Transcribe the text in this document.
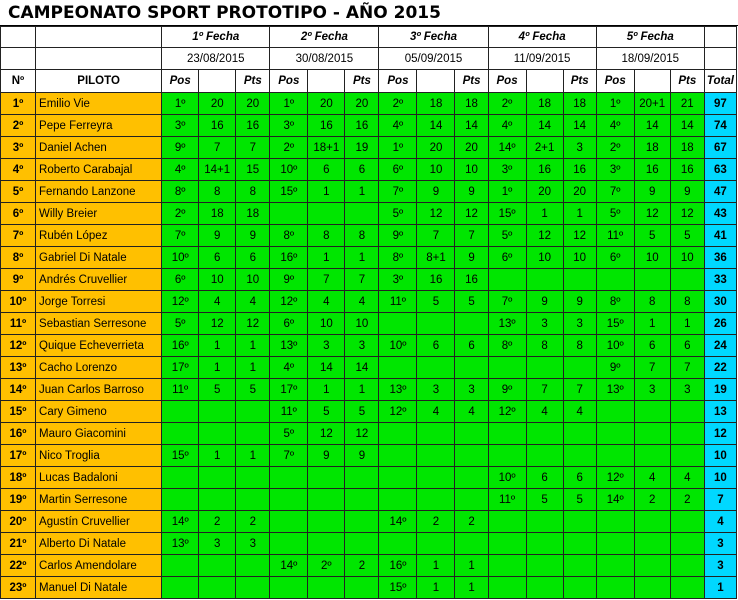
CAMPEONATO SPORT PROTOTIPO - AÑO 2015
		1º Fecha			2º Fecha			3º Fecha			4º Fecha			5º Fecha			
		23/08/2015			30/08/2015			05/09/2015			11/09/2015			18/09/2015			
Nº	PILOTO	Pos		Pts	Pos		Pts	Pos		Pts	Pos		Pts	Pos		Pts	Total
1º	Emilio Vie	1º	20	20	1º	20	20	2º	18	18	2º	18	18	1º	20+1	21	97
2º	Pepe Ferreyra	3º	16	16	3º	16	16	4º	14	14	4º	14	14	4º	14	14	74
3º	Daniel Achen	9º	7	7	2º	18+1	19	1º	20	20	14º	2+1	3	2º	18	18	67
4º	Roberto Carabajal	4º	14+1	15	10º	6	6	6º	10	10	3º	16	16	3º	16	16	63
5º	Fernando Lanzone	8º	8	8	15º	1	1	7º	9	9	1º	20	20	7º	9	9	47
6º	Willy Breier	2º	18	18				5º	12	12	15º	1	1	5º	12	12	43
7º	Rubén López	7º	9	9	8º	8	8	9º	7	7	5º	12	12	11º	5	5	41
8º	Gabriel Di Natale	10º	6	6	16º	1	1	8º	8+1	9	6º	10	10	6º	10	10	36
9º	Andrés Cruvellier	6º	10	10	9º	7	7	3º	16	16							33
10º	Jorge Torresi	12º	4	4	12º	4	4	11º	5	5	7º	9	9	8º	8	8	30
11º	Sebastian Serresone	5º	12	12	6º	10	10				13º	3	3	15º	1	1	26
12º	Quique Echeverrieta	16º	1	1	13º	3	3	10º	6	6	8º	8	8	10º	6	6	24
13º	Cacho Lorenzo	17º	1	1	4º	14	14							9º	7	7	22
14º	Juan Carlos Barroso	11º	5	5	17º	1	1	13º	3	3	9º	7	7	13º	3	3	19
15º	Cary Gimeno				11º	5	5	12º	4	4	12º	4	4				13
16º	Mauro Giacomini				5º	12	12										12
17º	Nico Troglia	15º	1	1	7º	9	9										10
18º	Lucas Badaloni										10º	6	6	12º	4	4	10
19º	Martin Serresone										11º	5	5	14º	2	2	7
20º	Agustín Cruvellier	14º	2	2				14º	2	2							4
21º	Alberto Di Natale	13º	3	3													3
22º	Carlos Amendolare				14º	2º	2	16º	1	1							3
23º	Manuel Di Natale							15º	1	1							1
